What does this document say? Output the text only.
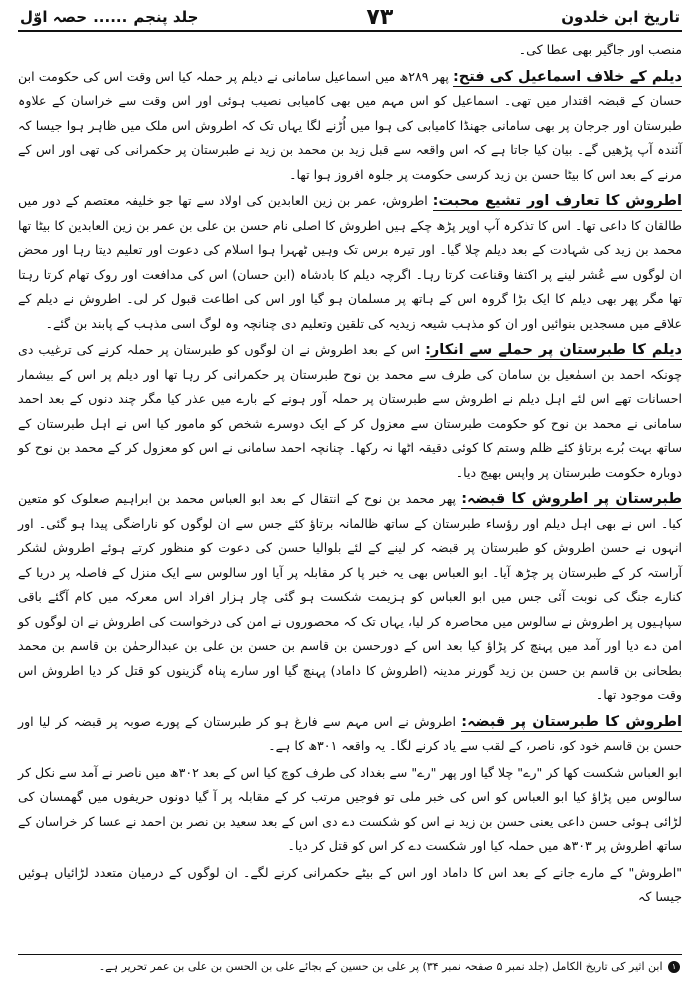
تاریخ ابن خلدون
۷۳
جلد پنجم
......
حصہ اوّل

منصب اور جاگیر بھی عطا کی۔

دیلم کے خلاف اسماعیل کی فتح: پھر ۲۸۹ھ میں اسماعیل سامانی نے دیلم پر حملہ کیا اس وقت اس کی حکومت ابن حسان کے قبضہ اقتدار میں تھی۔ اسماعیل کو اس مہم میں بھی کامیابی نصیب ہوئی اور اس وقت سے خراسان کے علاوہ طبرستان اور جرجان پر بھی سامانی جھنڈا کامیابی کی ہوا میں اُڑنے لگا یہاں تک کہ اطروش اس ملک میں ظاہر ہوا جیسا کہ آئندہ آپ پڑھیں گے۔ بیان کیا جاتا ہے کہ اس واقعہ سے قبل زید بن محمد بن زید نے طبرستان پر حکمرانی کی تھی اور اس کے مرنے کے بعد اس کا بیٹا حسن بن زید کرسی حکومت پر جلوہ افروز ہوا تھا۔

اطروش کا تعارف اور تشیع محبت: اطروش، عمر بن زین العابدین کی اولاد سے تھا جو خلیفہ معتصم کے دور میں طالقان کا داعی تھا۔ اس کا تذکرہ آپ اوپر پڑھ چکے ہیں اطروش کا اصلی نام حسن بن علی بن عمر بن زین العابدین کا بیٹا تھا محمد بن زید کی شہادت کے بعد دیلم چلا گیا۔ اور تیرہ برس تک وہیں ٹھہرا ہوا اسلام کی دعوت اور تعلیم دیتا رہا اور محض ان لوگوں سے عُشر لینے پر اکتفا وقناعت کرتا رہا۔ اگرچہ دیلم کا بادشاہ (ابن حسان) اس کی مدافعت اور روک تھام کرتا رہتا تھا مگر پھر بھی دیلم کا ایک بڑا گروہ اس کے ہاتھ پر مسلمان ہو گیا اور اس کی اطاعت قبول کر لی۔ اطروش نے دیلم کے علاقے میں مسجدیں بنوائیں اور ان کو مذہب شیعہ زیدیہ کی تلقین وتعلیم دی چنانچہ وہ لوگ اسی مذہب کے پابند بن گئے۔

دیلم کا طبرستان پر حملے سے انکار: اس کے بعد اطروش نے ان لوگوں کو طبرستان پر حملہ کرنے کی ترغیب دی چونکہ احمد بن اسمٰعیل بن سامان کی طرف سے محمد بن نوح طبرستان پر حکمرانی کر رہا تھا اور دیلم پر اس کے بیشمار احسانات تھے اس لئے اہل دیلم نے اطروش سے طبرستان پر حملہ آور ہونے کے بارے میں عذر کیا مگر چند دنوں کے بعد احمد سامانی نے محمد بن نوح کو حکومت طبرستان سے معزول کر کے ایک دوسرے شخص کو مامور کیا اس نے اہل طبرستان کے ساتھ بہت بُرے برتاؤ کئے ظلم وستم کا کوئی دقیقہ اٹھا نہ رکھا۔ چنانچہ احمد سامانی نے اس کو معزول کر کے محمد بن نوح کو دوبارہ حکومت طبرستان پر واپس بھیج دیا۔

طبرستان پر اطروش کا قبضہ: پھر محمد بن نوح کے انتقال کے بعد ابو العباس محمد بن ابراہیم صعلوک کو متعین کیا۔ اس نے بھی اہل دیلم اور رؤساء طبرستان کے ساتھ ظالمانہ برتاؤ کئے جس سے ان لوگوں کو ناراضگی پیدا ہو گئی۔ اور انہوں نے حسن اطروش کو طبرستان پر قبضہ کر لینے کے لئے بلوالیا حسن کی دعوت کو منظور کرتے ہوئے اطروش لشکر آراستہ کر کے طبرستان پر چڑھ آیا۔ ابو العباس بھی یہ خبر پا کر مقابلہ پر آیا اور سالوس سے ایک منزل کے فاصلہ پر دریا کے کنارے جنگ کی نوبت آئی جس میں ابو العباس کو ہزیمت شکست ہو گئی چار ہزار افراد اس معرکہ میں کام آگئے باقی سپاہیوں پر اطروش نے سالوس میں محاصرہ کر لیا، یہاں تک کہ محصوروں نے امن کی درخواست کی اطروش نے ان لوگوں کو امن دے دیا اور آمد میں پہنچ کر پڑاؤ کیا بعد اس کے دورحسن بن قاسم بن حسن بن علی بن عبدالرحمٰن بن قاسم بن محمد بطحانی بن قاسم بن حسن بن زید گورنر مدینہ (اطروش کا داماد) پہنچ گیا اور سارے پناہ گزینوں کو قتل کر دیا اطروش اس وقت موجود تھا۔

اطروش کا طبرستان پر قبضہ: اطروش نے اس مہم سے فارغ ہو کر طبرستان کے پورے صوبہ پر قبضہ کر لیا اور حسن بن قاسم خود کو، ناصر، کے لقب سے یاد کرنے لگا۔ یہ واقعہ ۳۰۱ھ کا ہے۔

ابو العباس شکست کھا کر "رے" چلا گیا اور پھر "رے" سے بغداد کی طرف کوچ کیا اس کے بعد ۳۰۲ھ میں ناصر نے آمد سے نکل کر سالوس میں پڑاؤ کیا ابو العباس کو اس کی خبر ملی تو فوجیں مرتب کر کے مقابلہ پر آ گیا دونوں حریفوں میں گھمسان کی لڑائی ہوئی حسن داعی یعنی حسن بن زید نے اس کو شکست دے دی اس کے بعد سعید بن نصر بن احمد نے عسا کر خراسان کے ساتھ اطروش پر ۳۰۳ھ میں حملہ کیا اور شکست دے کر اس کو قتل کر دیا۔

"اطروش" کے مارے جانے کے بعد اس کا داماد اور اس کے بیٹے حکمرانی کرنے لگے۔ ان لوگوں کے درمیان متعدد لڑائیاں ہوئیں جیسا کہ

۱ ابن اثیر کی تاریخ الکامل (جلد نمبر ۵ صفحہ نمبر ۳۴) پر علی بن حسین کے بجائے علی بن الحسن بن علی بن عمر تحریر ہے۔
